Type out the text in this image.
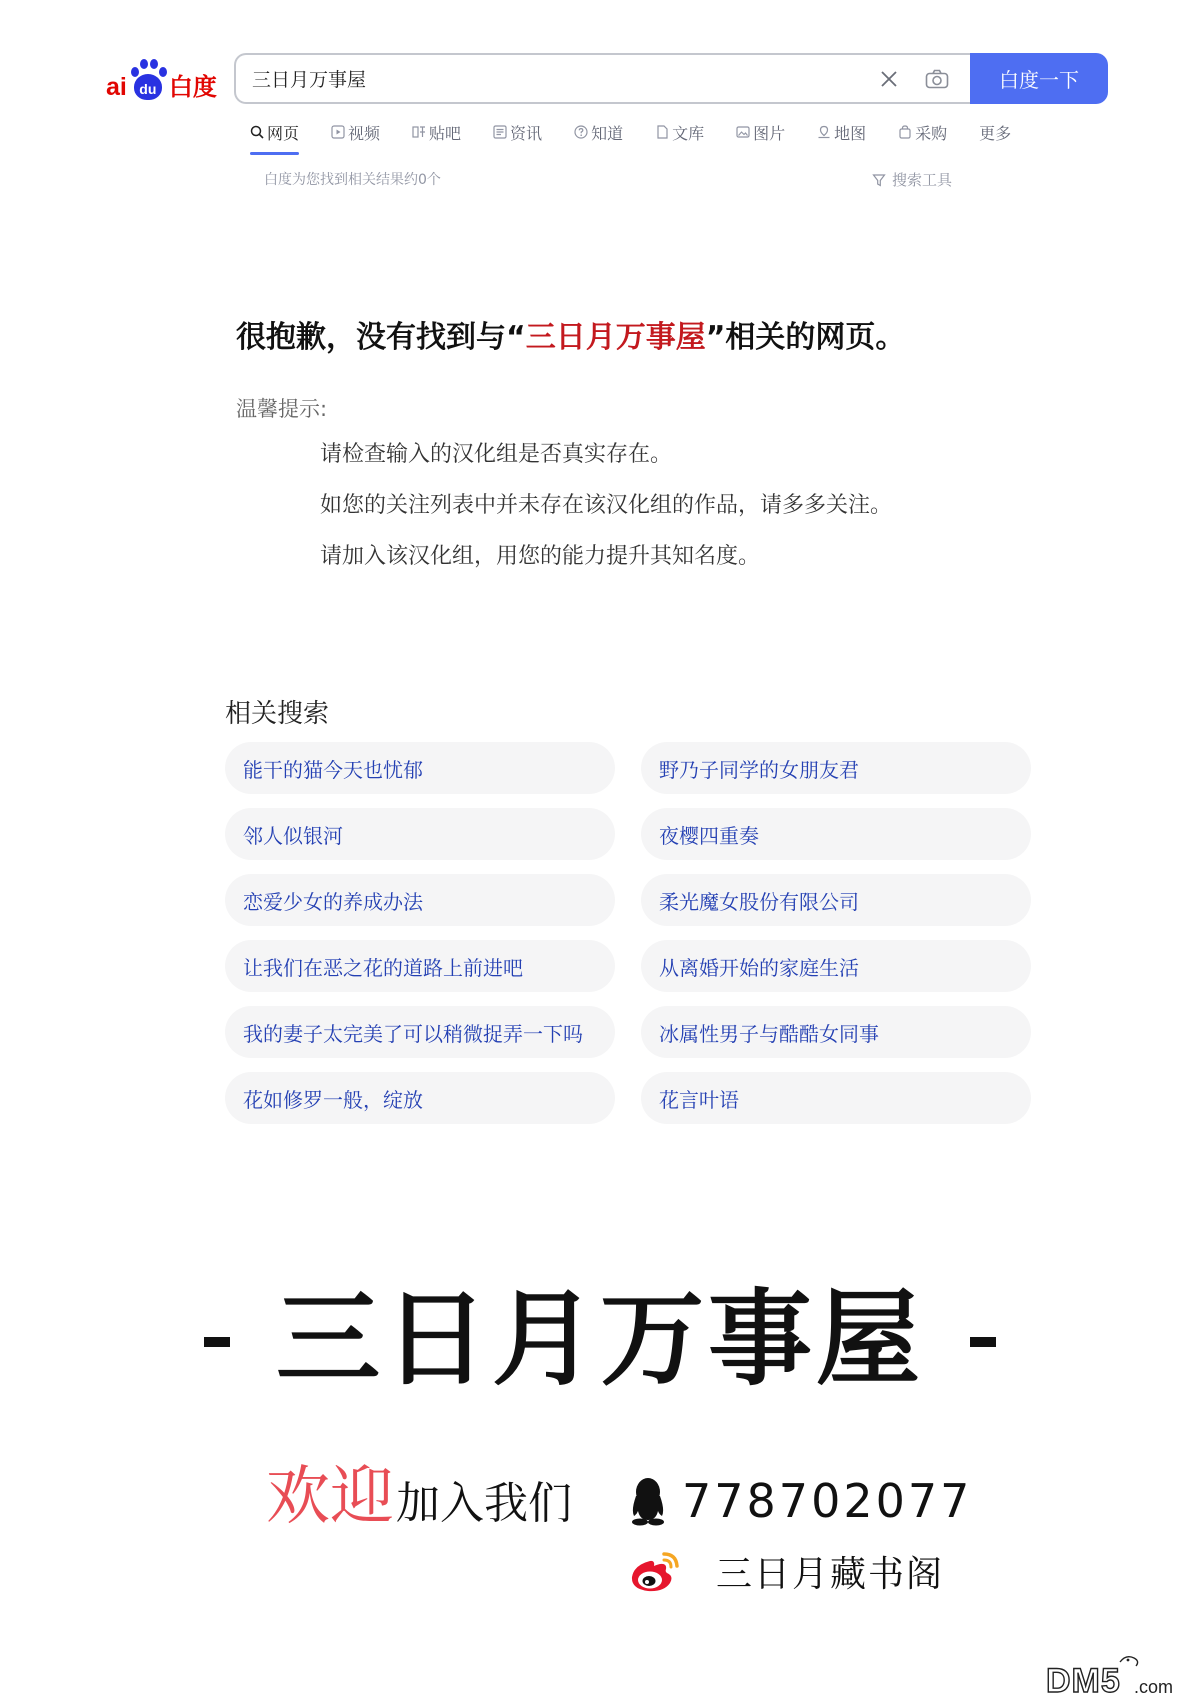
ai du 白度
三日月万事屋	白度一下
网页	视频	贴吧	资讯	知道	文库	图片	地图	采购 更多
白度为您找到相关结果约0个	搜索工具
很抱歉，没有找到与“三日月万事屋”相关的网页。
温馨提示:
请检查输入的汉化组是否真实存在。
如您的关注列表中并未存在该汉化组的作品，请多多关注。
请加入该汉化组，用您的能力提升其知名度。
相关搜索
能干的猫今天也忧郁	野乃子同学的女朋友君
邻人似银河	夜樱四重奏
恋爱少女的养成办法	柔光魔女股份有限公司
让我们在恶之花的道路上前进吧	从离婚开始的家庭生活
我的妻子太完美了可以稍微捉弄一下吗	冰属性男子与酷酷女同事
花如修罗一般，绽放	花言叶语
三日月万事屋
欢迎 加入我们 778702077
三日月藏书阁
DM5 .com
